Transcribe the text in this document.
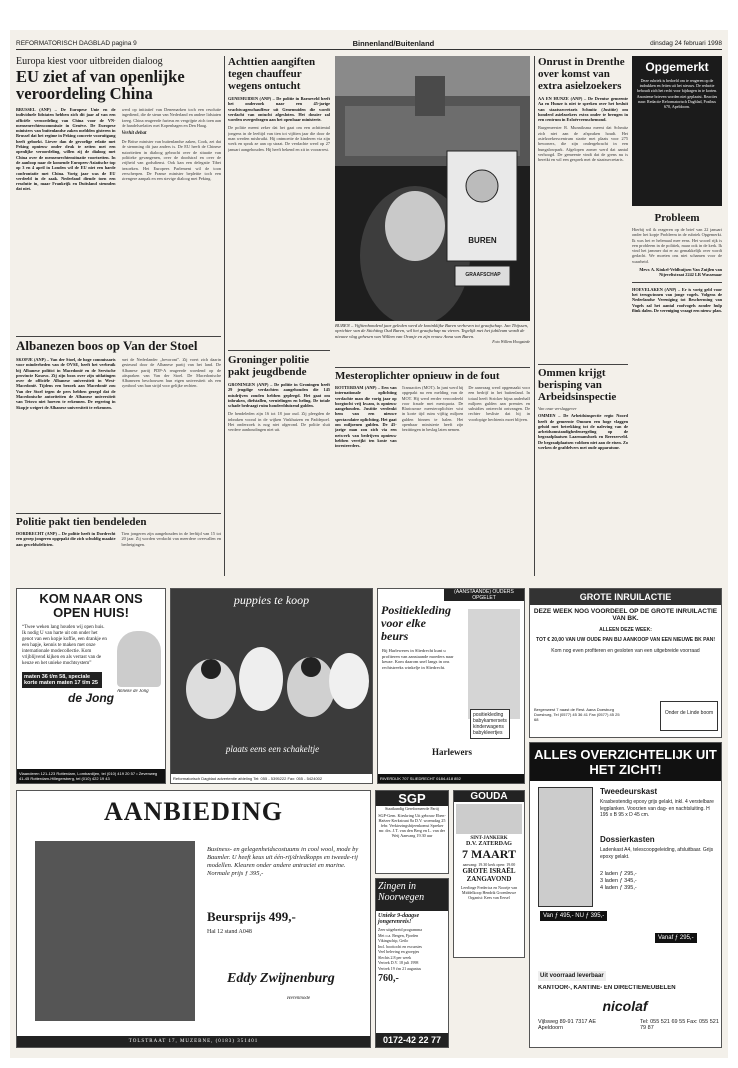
REFORMATORISCH DAGBLAD pagina 9	Binnenland/Buitenland	dinsdag 24 februari 1998
Europa kiest voor uitbreiden dialoog
EU ziet af van openlijke veroordeling China
BRUSSEL (ANP) – De Europese Unie en de individuele lidstaten hebben zich dit jaar af van een officiële veroordeling van China voor de VN-mensenrechtencommissie in Genève. De Europese ministers van buitenlandse zaken meldden gisteren in Brussel dat het regime in Peking concrete vooruitgang heeft geboekt. Liever dan de gevoelige relatie met Peking opnieuw onder druk te zetten met een openlijke veroordeling, willen zij de dialoog met China over de mensenrechtensituatie voortzetten. In de aanloop naar de komende Europees-Aziatische top op 3 en 4 april in Londen wil de EU niet een harde confrontatie met China. Vorig jaar was de EU verdeeld in de zaak. Nederland diende toen een resolutie in, maar Frankrijk en Duitsland steunden dat niet.
werd op initiatief van Denemarken toch een resolutie ingediend, die de steun van Nederland en andere lidstaten kreeg. China reageerde furieus en vergrijpte zich toen aan de handelsrelaties met Kopenhagen en Den Haag.
Verhit debat
De Britse minister van buitenlandse zaken, Cook, zei dat de stemming dit jaar anders is. De EU heeft de Chinese autoriteiten in dialoog gebracht over de situatie van politieke gevangenen, over de doodstraf en over de vrijheid van godsdienst. Ook kan een delegatie Tibet bezoeken. Het Europees Parlement wil de toon verscherpen. De Franse minister bepleitte toch een strengere aanpak en een stevige dialoog met Peking.
Albanezen boos op Van der Stoel
SKOPJE (ANP) – Van der Stoel, de hoge commissaris voor minderheden van de OVSE, heeft het verbruik bij Albanese politici in Macedonië en de Servische provincie Kosovo. Zij zijn boos over zijn uitlatingen over de officiële Albanese universiteit in West-Macedonië. Tijdens een bezoek aan Macedonië zou Van der Stoel tegen de pers hebben gezegd dat de Macedonische autoriteiten de Albanese universiteit van Tetovo niet hoeven te erkennen. De regering in Skopje weigert de Albanese universiteit te erkennen.
met de Nederlander „bevoront”. Zij voert zich daarin gesteund door de Albanese partij van het land. De Albanese partij PDP-A reageerde woedend op de uitspraken van Van der Stoel. De Macedonische Albanezen beschouwen hun eigen universiteit als een symbool van hun strijd voor gelijke rechten.
Politie pakt tien bendeleden
DORDRECHT (ANP) – De politie heeft in Dordrecht een groep jongeren opgepakt die zich schuldig maakte aan geweldsdelicten.
Tien jongeren zijn aangehouden in de leeftijd van 15 tot 20 jaar. Zij worden verdacht van meerdere overvallen en bedreigingen.
Achttien aangiften tegen chauffeur wegens ontucht
GENEMUIDEN (ANP) – De politie in Barneveld heeft het onderzoek naar een 45-jarige vrachtwagenchauffeur uit Genemuiden die wordt verdacht van ontucht afgesloten. Het dossier zal worden overgedragen aan het openbaar ministerie.
De politie meent zeker dat het gaat om een achttiental jongens in de leeftijd van tien tot vijftien jaar die door de man werden misbruikt. Hij ontmoette de kinderen via zijn werk en sprak ze aan op straat. De verdachte werd op 27 januari aangehouden. Hij heeft bekend en zit in voorarrest.
Groninger politie pakt jeugdbende
GRONINGEN (ANP) – De politie in Groningen heeft 29 jeugdige verdachten aangehouden die 145 misdrijven zouden hebben gepleegd. Het gaat om inbraken, diefstallen, vernielingen en heling. De totale schade bedraagt ruim honderdduizend gulden.
De bendeleden zijn 16 tot 18 jaar oud. Zij pleegden de inbraken vooral in de wijken Vinkhuizen en Paddepoel. Het onderzoek is nog niet afgerond. De politie sluit verdere aanhoudingen niet uit.
BUREN
GRAAFSCHAP
BUREN – Vijftienhonderd jaar geleden werd de koninklijke Buren verheven tot graafschap. Jan Thijssen, oprichter van de Stichting Oud Buren, wil het graafschap nu vieren. Tegelijk met het jubileum wordt de nieuwe vlag gehesen van Willem van Oranje en zijn vrouw Anna van Buren.
Foto Willem Hoogstede
Mesteroplichter opnieuw in de fout
ROTTERDAM (ANP) – Een van internationale oplichting verdachte man die vorig jaar op borgtocht vrij kwam, is opnieuw aangehouden. Justitie verdenkt hem van een nieuwe spectaculaire oplichting. Het gaat om miljoenen gulden. De 45-jarige man zou zich via een netwerk van bedrijven opnieuw hebben verrijkt ten koste van investeerders.
Transacties (MOT). In juni werd hij opgepakt na een melding van de MOT. Hij werd eerder veroordeeld voor fraude met mestquota. De Blaricumse meesteroplichter wist in korte tijd ruim vijftig miljoen gulden binnen te halen. Het openbaar ministerie heeft zijn bezittingen in beslag laten nemen.
De aanvraag werd opgemaakt voor een bedrijf in het buitenland. In totaal heeft Stricker bijna anderhalf miljoen gulden aan premies en subsidies onterecht ontvangen. De rechter besliste dat hij in voorlopige hechtenis moet blijven.
Onrust in Drenthe over komst van extra asielzoekers
AA EN HUNZE (ANP) – De Drentse gemeente Aa en Hunze is niet te spreken over het besluit van staatssecretaris Schmitz (Justitie) om honderd asielzoekers extra onder te brengen in een centrum in Exloërveenschemond.
Burgemeester R. Munniksma meent dat Schmitz zich niet aan de afspraken houdt. Het asielzoekerscentrum startte met plaats voor 275 bewoners, die zijn ondergebracht in een bungalowpark. Afgelopen zomer werd dat aantal verhoogd. De gemeente vindt dat de grens nu is bereikt en wil een gesprek met de staatssecretaris.
Ommen krijgt berisping van Arbeidsinspectie
Van onze verslaggever
OMMEN – De Arbeidsinspectie regio Noord heeft de gemeente Ommen een hoge vlaggen geluid met betrekking tot de naleving van de arbeidsomstandighedenregeling op de begraafplaatsen Laarmanshoek en Beerzerveld. De begraafplaatsen voldoen niet aan de eisen. Zo werken de grafdelvers met oude apparatuur.
Opgemerkt
Deze rubriek is bedoeld om te reageren op de indrukken en feiten uit het nieuws. De redactie behoudt zich het recht voor bijdragen in te korten. Anonieme brieven worden niet geplaatst. Reacties naar: Redactie Reformatorisch Dagblad, Postbus 670, Apeldoorn.
Probleem
Hierbij wil ik reageren op de brief van 22 januari onder het kopje Probleem in de rubriek Opgemerkt. Ik was het er helemaal mee eens. Het woord rijk is een probleem in de politiek, maar ook in de kerk. Ik vind het jammer dat er zo gemakkelijk over wordt gedacht. We moeten ons niet schamen voor de waarheid.
Mevr. A. Kinkel-Veldhuijsen Van Zuijlen van Nijeveltstraat 2242 LR Wassenaar
HOEVELAKEN (ANP) – Er is vorig geld voor het terugwinnen van jonge vogels. Volgens de Nederlandse Vereniging tot Bescherming van Vogels zal het aantal roofvogels zonder hulp flink dalen. De vereniging vraagt een nieuw plan.
KOM NAAR ONS OPEN HUIS!
“Twee weken lang houden wij open huis. Ik nodig U van harte uit om onder het genot van een kopje koffie, een drankje en een hapje, kennis te maken met onze internationale modecollectie. Kom vrijblijvend kijken en als verrast van de keuze en het unieke mochtsystem”
Anneke de Jong
maten 36 t/m 58, speciale korte maten maten 17 t/m 25
de Jong
Vlaanderen 121-123 Rotterdam, Lombardijen, tel (010) 419 20 57 • Zevenweg 41-45 Rotterdam-Hillegersberg, tel (010) 422 19 43
puppies te koop
plaats eens een schakeltje
Reformatorisch Dagblad advertentie afdeling Tel: 055 - 5395222 Fax: 055 - 5424002
(AANSTAANDE) OUDERS OPGELET
Positiekleding voor elke beurs
Bij Harleweres in Sliedrecht kunt u profiteren van aanstaande moeders naar keuze. Kom daarom snel langs in ons rechtstreeks winkelje in Sliedrecht.
positiekleding
babykamersets
kinderwagens
babykleertjes
Harlewers
RIVERDIJK 707 SLIEDRECHT 0184-418 852
GROTE INRUILACTIE
DEZE WEEK NOG VOORDEEL OP DE GROTE INRUILACTIE VAN BK.
ALLEEN DEZE WEEK:
TOT € 20,00 VAN UW OUDE PAN BIJ AANKOOP VAN EEN NIEUWE BK PAN!
Kom nog even profiteren en gesloten van een uitgebreide voorraad
Bergenwest 7 naast de Rest. Aana Doesburg Doesburg, Tel (0577) 45 36 41 Fax (0577) 45 25 68
Onder de Linde boom
AANBIEDING
Business- en gelegenheidscostuums in cool wool, mode by Baumler. U heeft keus uit één-rij/driedkopps en tweede-rij modellen. Kleuren onder andere antraciet en marine. Normale prijs ƒ 395,-
Beursprijs 499,-
Hal 12 stand A048
Eddy Zwijnenburg
Herenmode
TOLSTRAAT 17, MUZEBNE, (0183) 351401
SGP
Staatkundig Gereformeerde Partij
SGP-Gem. Kieskring Uit gebouw Eben-Haëzer Kerkstraat 8a D.V. woensdag 25 febr. Verkiezingsbijeenkomst Spreker mr. drs. J.T. van den Berg en L. van der Weij Aanvang 19.30 uur
GOUDA
SINT-JANKERK
D.V. ZATERDAG
7 MAART
aanvang: 19.30 kerk open: 19.00
GROTE ISRAËL ZANGAVOND
Leerlinge Frederica en Noortje van Middelkoop Hendrik Groenleuwe Organist: Kees van Eersel
Zingen in Noorwegen
Unieke 9-daagse jongerenreis!
Zeer uitgebreid programma
Met o.a. Bergen, Fjorden
Vikingschip, Geilo
Incl. boottocht en excursies
Veel beleving en groepjes
Slechts 2.8 per week
Vertrek D.V. 18 juli 1998
Vertrek 19 t/m 21 augustus
760,-
0172-42 22 77
ALLES OVERZICHTELIJK UIT HET ZICHT!
Tweedeurskast
Krasbestendig epoxy grijs gelakt, inkl. 4 verstelbare legplanken. Voorzien van dag- en nachtsluiting. H 195 x B 95 x D 45 cm.
Dossierkasten
Ladenkast A4, telescoopgeleiding, afsluitbaar. Grijs epoxy gelakt.
2 laden ƒ 295,-
3 laden ƒ 345,-
4 laden ƒ 395,-
Van ƒ 495,- NU ƒ 395,-
Vanaf ƒ 295,-
Uit voorraad leverbaar
KANTOOR-, KANTINE- EN DIRECTIEMEUBELEN
nicolaf
Vijlsweg 89-91 7317 AE Apeldoorn
Tel: 055 521 69 55 Fax: 055 521 79 87
